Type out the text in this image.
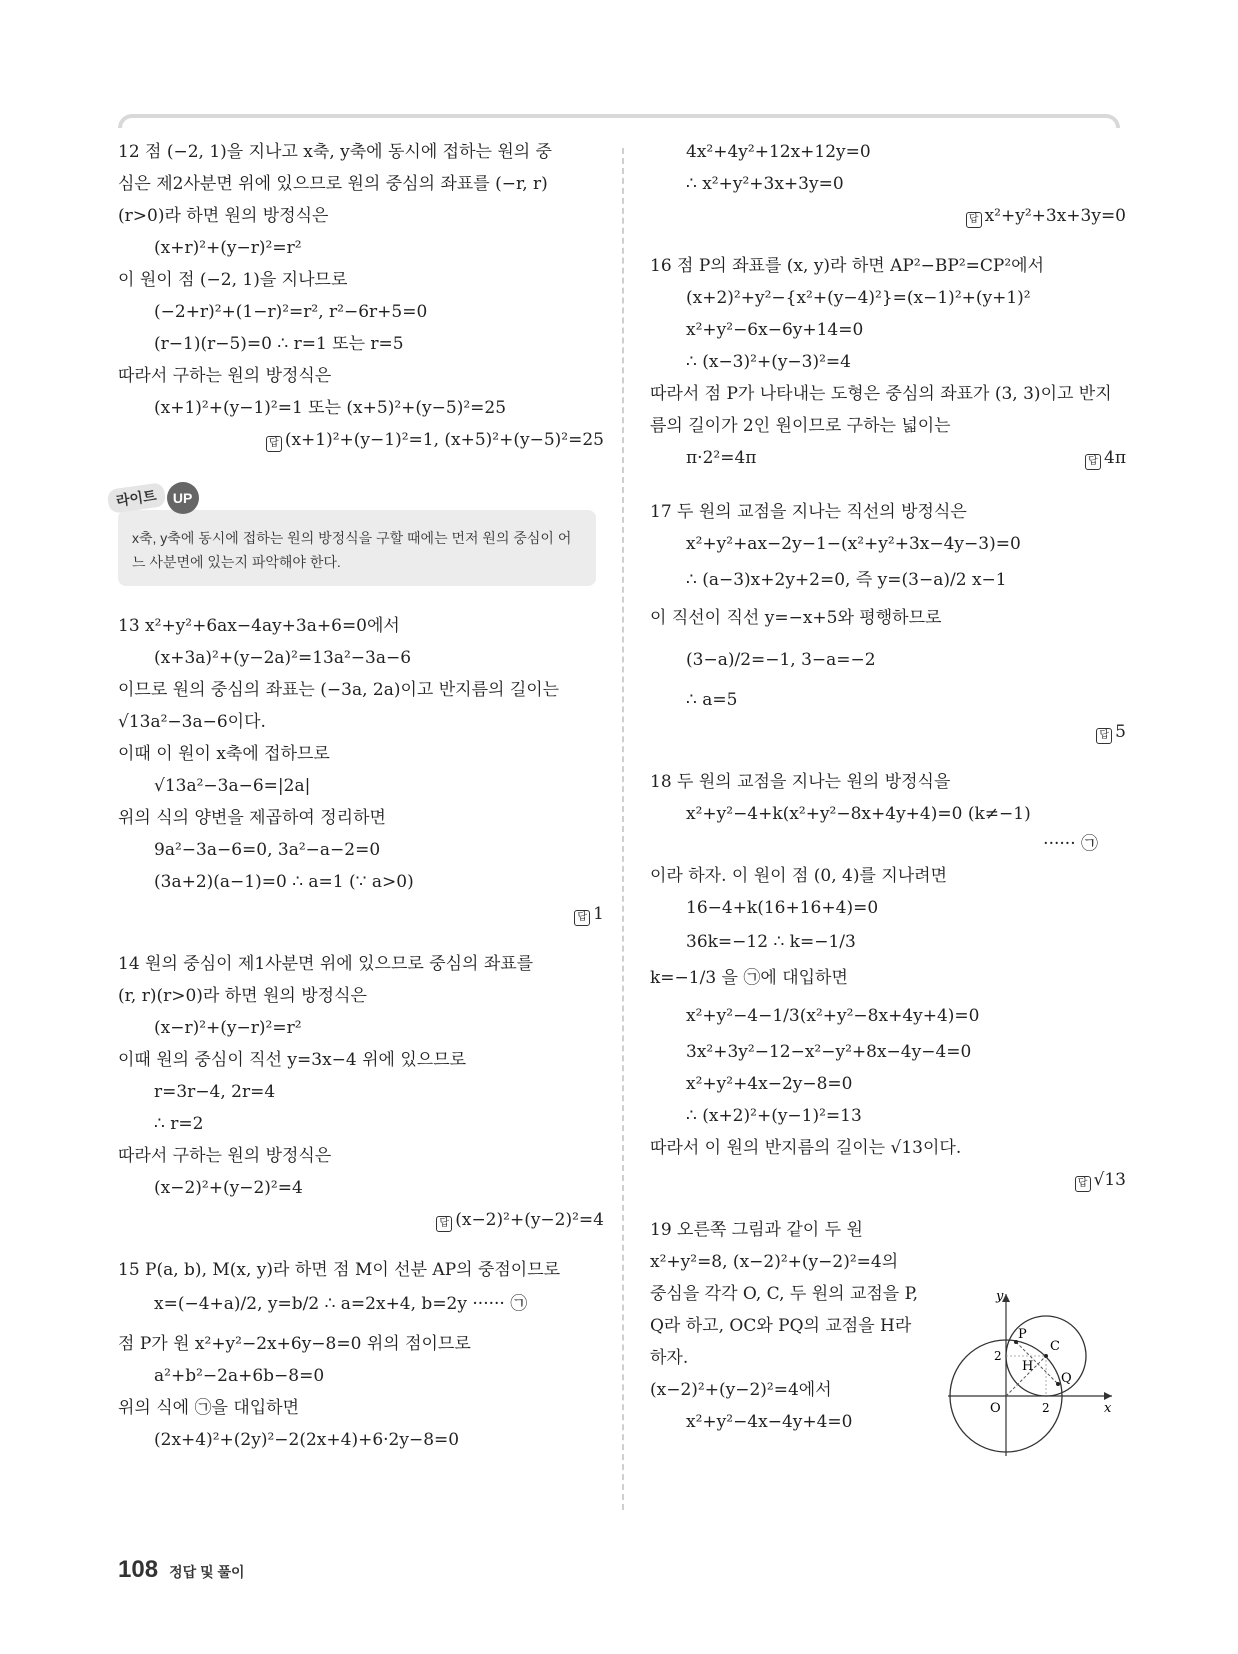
12 점 (−2, 1)을 지나고 x축, y축에 동시에 접하는 원의 중
심은 제2사분면 위에 있으므로 원의 중심의 좌표를 (−r, r)
(r>0)라 하면 원의 방정식은
(x+r)²+(y−r)²=r²
이 원이 점 (−2, 1)을 지나므로
(−2+r)²+(1−r)²=r², r²−6r+5=0
(r−1)(r−5)=0 ∴ r=1 또는 r=5
따라서 구하는 원의 방정식은
(x+1)²+(y−1)²=1 또는 (x+5)²+(y−5)²=25
답 (x+1)²+(y−1)²=1, (x+5)²+(y−5)²=25
라이트	UP
x축, y축에 동시에 접하는 원의 방정식을 구할 때에는 먼저 원의 중심이 어느 사분면에 있는지 파악해야 한다.
13 x²+y²+6ax−4ay+3a+6=0에서
(x+3a)²+(y−2a)²=13a²−3a−6
이므로 원의 중심의 좌표는 (−3a, 2a)이고 반지름의 길이는
√13a²−3a−6이다.
이때 이 원이 x축에 접하므로
√13a²−3a−6=|2a|
위의 식의 양변을 제곱하여 정리하면
9a²−3a−6=0, 3a²−a−2=0
(3a+2)(a−1)=0 ∴ a=1 (∵ a>0)
답 1
14 원의 중심이 제1사분면 위에 있으므로 중심의 좌표를
(r, r)(r>0)라 하면 원의 방정식은
(x−r)²+(y−r)²=r²
이때 원의 중심이 직선 y=3x−4 위에 있으므로
r=3r−4, 2r=4
∴ r=2
따라서 구하는 원의 방정식은
(x−2)²+(y−2)²=4
답 (x−2)²+(y−2)²=4
15 P(a, b), M(x, y)라 하면 점 M이 선분 AP의 중점이므로
x=(−4+a)/2, y=b/2 ∴ a=2x+4, b=2y ······ ㉠
점 P가 원 x²+y²−2x+6y−8=0 위의 점이므로
a²+b²−2a+6b−8=0
위의 식에 ㉠을 대입하면
(2x+4)²+(2y)²−2(2x+4)+6·2y−8=0
4x²+4y²+12x+12y=0
∴ x²+y²+3x+3y=0
답 x²+y²+3x+3y=0
16 점 P의 좌표를 (x, y)라 하면 AP²−BP²=CP²에서
(x+2)²+y²−{x²+(y−4)²}=(x−1)²+(y+1)²
x²+y²−6x−6y+14=0
∴ (x−3)²+(y−3)²=4
따라서 점 P가 나타내는 도형은 중심의 좌표가 (3, 3)이고 반지
름의 길이가 2인 원이므로 구하는 넓이는
π·2²=4π	답 4π
17 두 원의 교점을 지나는 직선의 방정식은
x²+y²+ax−2y−1−(x²+y²+3x−4y−3)=0
∴ (a−3)x+2y+2=0, 즉 y=(3−a)/2 x−1
이 직선이 직선 y=−x+5와 평행하므로
(3−a)/2=−1, 3−a=−2
∴ a=5
답 5
18 두 원의 교점을 지나는 원의 방정식을
x²+y²−4+k(x²+y²−8x+4y+4)=0 (k≠−1)
······ ㉠
이라 하자. 이 원이 점 (0, 4)를 지나려면
16−4+k(16+16+4)=0
36k=−12 ∴ k=−1/3
k=−1/3 을 ㉠에 대입하면
x²+y²−4−1/3(x²+y²−8x+4y+4)=0
3x²+3y²−12−x²−y²+8x−4y−4=0
x²+y²+4x−2y−8=0
∴ (x+2)²+(y−1)²=13
따라서 이 원의 반지름의 길이는 √13이다.
답 √13
19 오른쪽 그림과 같이 두 원
x²+y²=8, (x−2)²+(y−2)²=4의
중심을 각각 O, C, 두 원의 교점을 P,
Q라 하고, OC와 PQ의 교점을 H라
하자.
(x−2)²+(y−2)²=4에서
x²+y²−4x−4y+4=0
y
x
O
2
2
P
C
H
Q
108 정답 및 풀이
